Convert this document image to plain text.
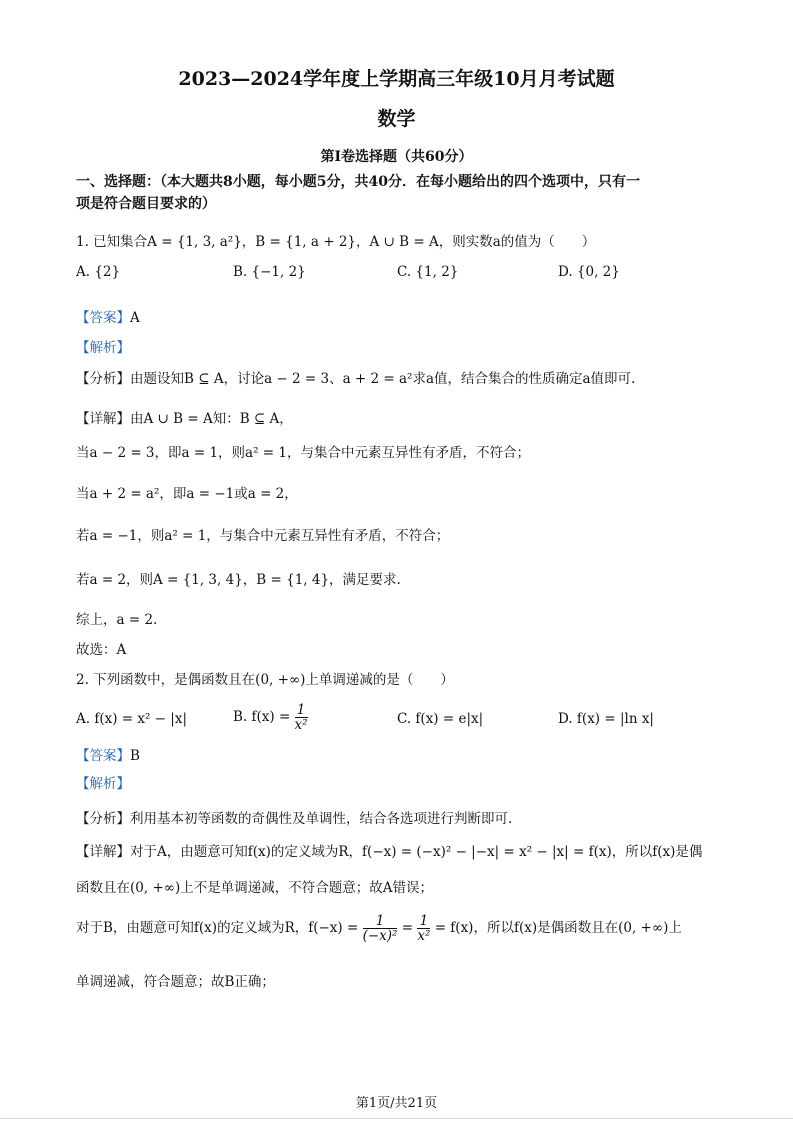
2023—2024学年度上学期高三年级10月月考试题
数学
第Ⅰ卷选择题（共60分）
一、选择题：（本大题共8小题，每小题5分，共40分．在每小题给出的四个选项中，只有一
项是符合题目要求的）
1. 已知集合A = {1, 3, a²}，B = {1, a + 2}，A ∪ B = A，则实数a的值为（　　）
A. {2}	B. {−1, 2}	C. {1, 2}	D. {0, 2}
【答案】A
【解析】
【分析】由题设知B ⊆ A，讨论a − 2 = 3、a + 2 = a²求a值，结合集合的性质确定a值即可.
【详解】由A ∪ B = A知：B ⊆ A，
当a − 2 = 3，即a = 1，则a² = 1，与集合中元素互异性有矛盾，不符合；
当a + 2 = a²，即a = −1或a = 2，
若a = −1，则a² = 1，与集合中元素互异性有矛盾，不符合；
若a = 2，则A = {1, 3, 4}，B = {1, 4}，满足要求.
综上，a = 2.
故选：A
2. 下列函数中，是偶函数且在(0, +∞)上单调递减的是（　　）
A. f(x) = x² − |x|	B. $f(x) = \frac{1}{\text{x²}}$	C. f(x) = e|x|	D. f(x) = |ln x|
【答案】B
【解析】
【分析】利用基本初等函数的奇偶性及单调性，结合各选项进行判断即可.
【详解】对于A，由题意可知f(x)的定义域为R，f(−x) = (−x)² − |−x| = x² − |x| = f(x)，所以f(x)是偶
函数且在(0, +∞)上不是单调递减，不符合题意；故A错误；
对于B，由题意可知f(x)的定义域为R，$f(-x) = \frac{1}{\text{(−x)²}} = \frac{1}{\text{x²}} = f(x)$，所以f(x)是偶函数且在(0, +∞)上
单调递减，符合题意；故B正确；
第1页/共21页
